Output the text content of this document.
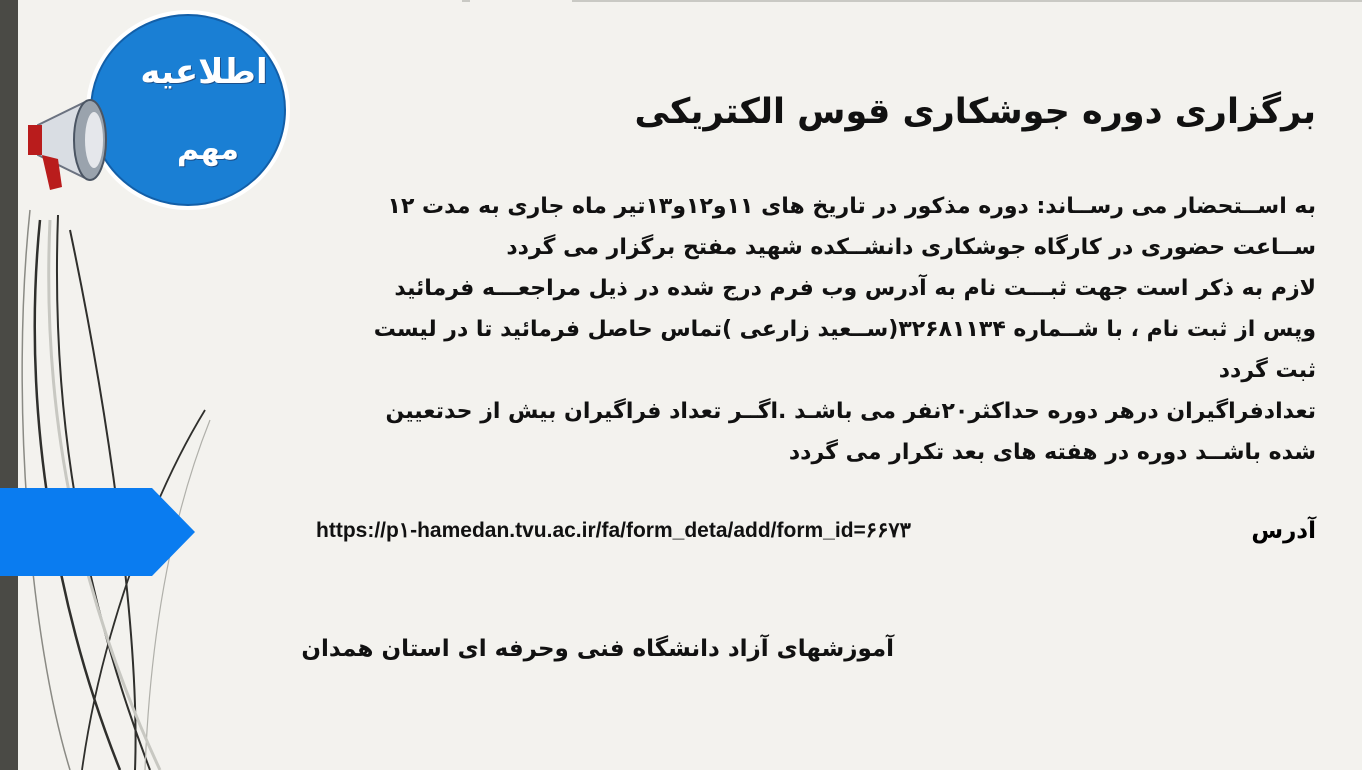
اطلاعیه
مهم
برگزاری دوره جوشکاری قوس الکتریکی
به اســتحضار می رســاند: دوره مذکور در تاریخ های ۱۱و۱۲و۱۳تیر ماه جاری به مدت ۱۲
ســاعت حضوری در کارگاه جوشکاری دانشــکده شهید مفتح برگزار می گردد
لازم به ذکر است جهت ثبـــت نام به آدرس وب فرم درج شده در ذیل مراجعـــه فرمائید
وپس از ثبت نام ، با شــماره ۳۲۶۸۱۱۳۴(ســعید زارعی )تماس حاصل فرمائید تا در لیست
ثبت گردد
تعدادفراگیران درهر دوره حداکثر۲۰نفر می باشـد .اگــر تعداد فراگیران بیش از حدتعیین
شده باشــد دوره در هفته های بعد تکرار می گردد
آدرس
https://p۱-hamedan.tvu.ac.ir/fa/form_deta/add/form_id=۶۶۷۳
آموزشهای آزاد دانشگاه فنی وحرفه ای استان همدان
